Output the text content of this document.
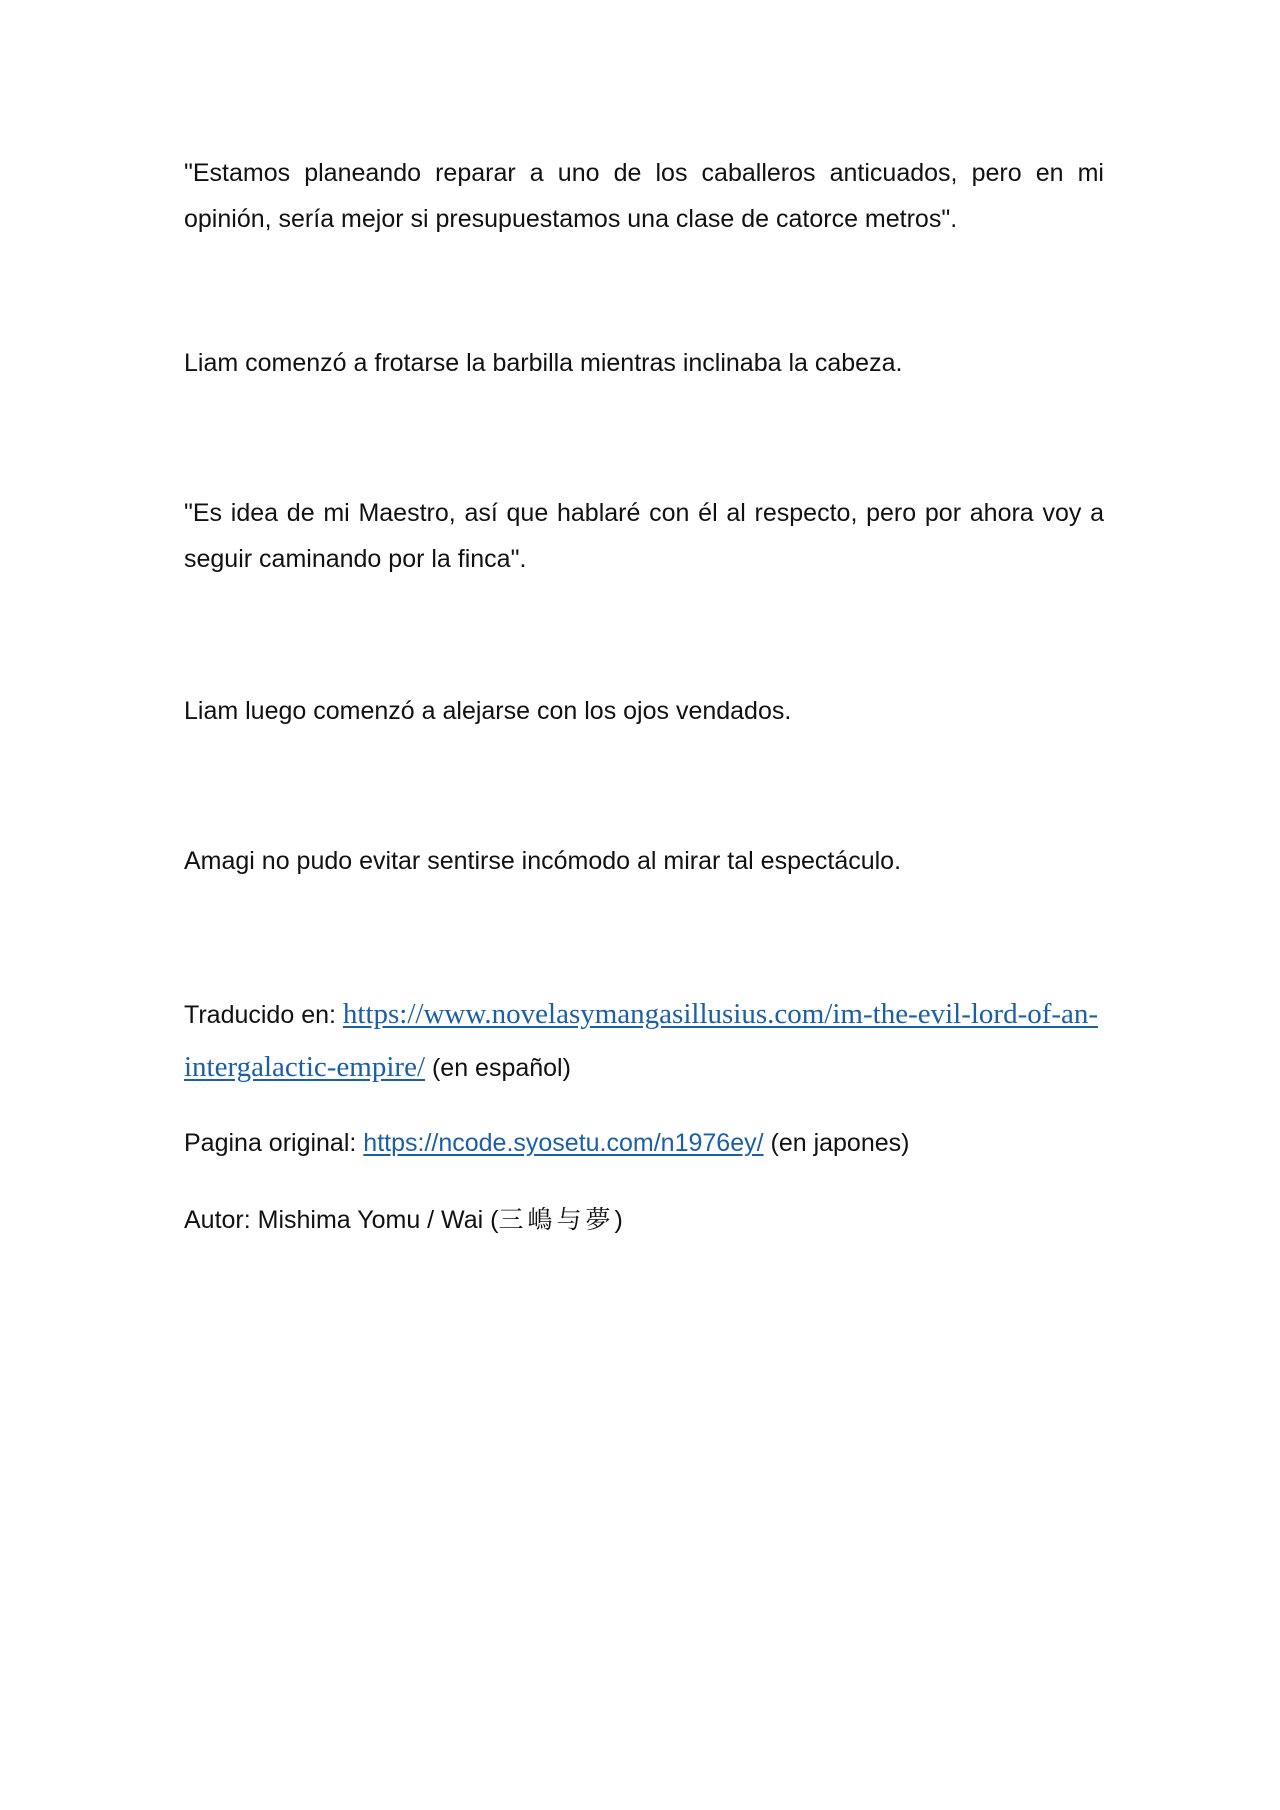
"Estamos planeando reparar a uno de los caballeros anticuados, pero en mi opinión, sería mejor si presupuestamos una clase de catorce metros".

Liam comenzó a frotarse la barbilla mientras inclinaba la cabeza.

"Es idea de mi Maestro, así que hablaré con él al respecto, pero por ahora voy a seguir caminando por la finca".

Liam luego comenzó a alejarse con los ojos vendados.

Amagi no pudo evitar sentirse incómodo al mirar tal espectáculo.

Traducido en: https://www.novelasymangasillusius.com/im-the-evil-lord-of-an-intergalactic-empire/ (en español)

Pagina original: https://ncode.syosetu.com/n1976ey/ (en japones)

Autor: Mishima Yomu / Wai (三嶋与夢)
